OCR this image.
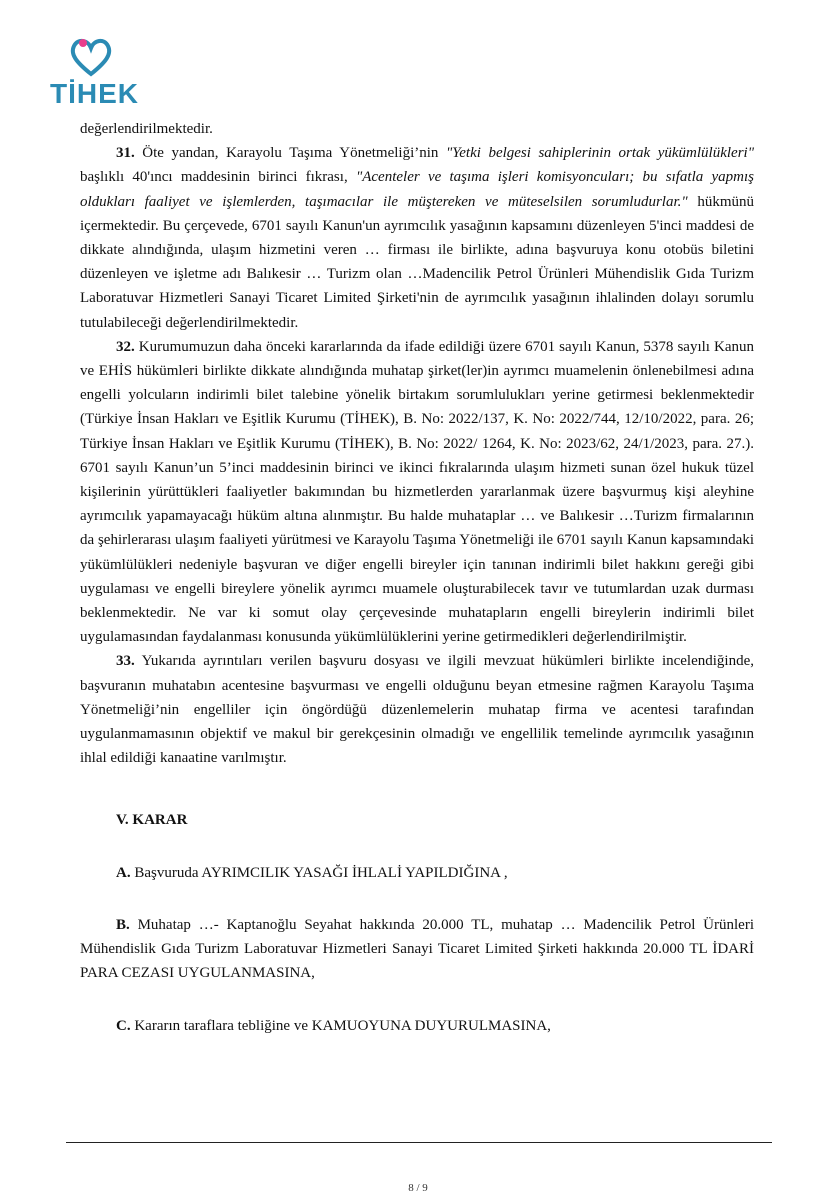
TİHEK

değerlendirilmektedir.

31. Öte yandan, Karayolu Taşıma Yönetmeliği’nin "Yetki belgesi sahiplerinin ortak yükümlülükleri" başlıklı 40'ıncı maddesinin birinci fıkrası, "Acenteler ve taşıma işleri komisyoncuları; bu sıfatla yapmış oldukları faaliyet ve işlemlerden, taşımacılar ile müştereken ve müteselsilen sorumludurlar." hükmünü içermektedir. Bu çerçevede, 6701 sayılı Kanun'un ayrımcılık yasağının kapsamını düzenleyen 5'inci maddesi de dikkate alındığında, ulaşım hizmetini veren … firması ile birlikte, adına başvuruya konu otobüs biletini düzenleyen ve işletme adı Balıkesir … Turizm olan …Madencilik Petrol Ürünleri Mühendislik Gıda Turizm Laboratuvar Hizmetleri Sanayi Ticaret Limited Şirketi'nin de ayrımcılık yasağının ihlalinden dolayı sorumlu tutulabileceği değerlendirilmektedir.

32. Kurumumuzun daha önceki kararlarında da ifade edildiği üzere 6701 sayılı Kanun, 5378 sayılı Kanun ve EHİS hükümleri birlikte dikkate alındığında muhatap şirket(ler)in ayrımcı muamelenin önlenebilmesi adına engelli yolcuların indirimli bilet talebine yönelik birtakım sorumlulukları yerine getirmesi beklenmektedir (Türkiye İnsan Hakları ve Eşitlik Kurumu (TİHEK), B. No: 2022/137, K. No: 2022/744, 12/10/2022, para. 26; Türkiye İnsan Hakları ve Eşitlik Kurumu (TİHEK), B. No: 2022/ 1264, K. No: 2023/62, 24/1/2023, para. 27.). 6701 sayılı Kanun’un 5’inci maddesinin birinci ve ikinci fıkralarında ulaşım hizmeti sunan özel hukuk tüzel kişilerinin yürüttükleri faaliyetler bakımından bu hizmetlerden yararlanmak üzere başvurmuş kişi aleyhine ayrımcılık yapamayacağı hüküm altına alınmıştır. Bu halde muhataplar … ve Balıkesir …Turizm firmalarının da şehirlerarası ulaşım faaliyeti yürütmesi ve Karayolu Taşıma Yönetmeliği ile 6701 sayılı Kanun kapsamındaki yükümlülükleri nedeniyle başvuran ve diğer engelli bireyler için tanınan indirimli bilet hakkını gereği gibi uygulaması ve engelli bireylere yönelik ayrımcı muamele oluşturabilecek tavır ve tutumlardan uzak durması beklenmektedir. Ne var ki somut olay çerçevesinde muhatapların engelli bireylerin indirimli bilet uygulamasından faydalanması konusunda yükümlülüklerini yerine getirmedikleri değerlendirilmiştir.

33. Yukarıda ayrıntıları verilen başvuru dosyası ve ilgili mevzuat hükümleri birlikte incelendiğinde, başvuranın muhatabın acentesine başvurması ve engelli olduğunu beyan etmesine rağmen Karayolu Taşıma Yönetmeliği’nin engelliler için öngördüğü düzenlemelerin muhatap firma ve acentesi tarafından uygulanmamasının objektif ve makul bir gerekçesinin olmadığı ve engellilik temelinde ayrımcılık yasağının ihlal edildiği kanaatine varılmıştır.

V. KARAR

A. Başvuruda AYRIMCILIK YASAĞI İHLALİ YAPILDIĞINA ,

B. Muhatap …- Kaptanoğlu Seyahat hakkında 20.000 TL, muhatap … Madencilik Petrol Ürünleri Mühendislik Gıda Turizm Laboratuvar Hizmetleri Sanayi Ticaret Limited Şirketi hakkında 20.000 TL İDARİ PARA CEZASI UYGULANMASINA,

C. Kararın taraflara tebliğine ve KAMUOYUNA DUYURULMASINA,

8 / 9
